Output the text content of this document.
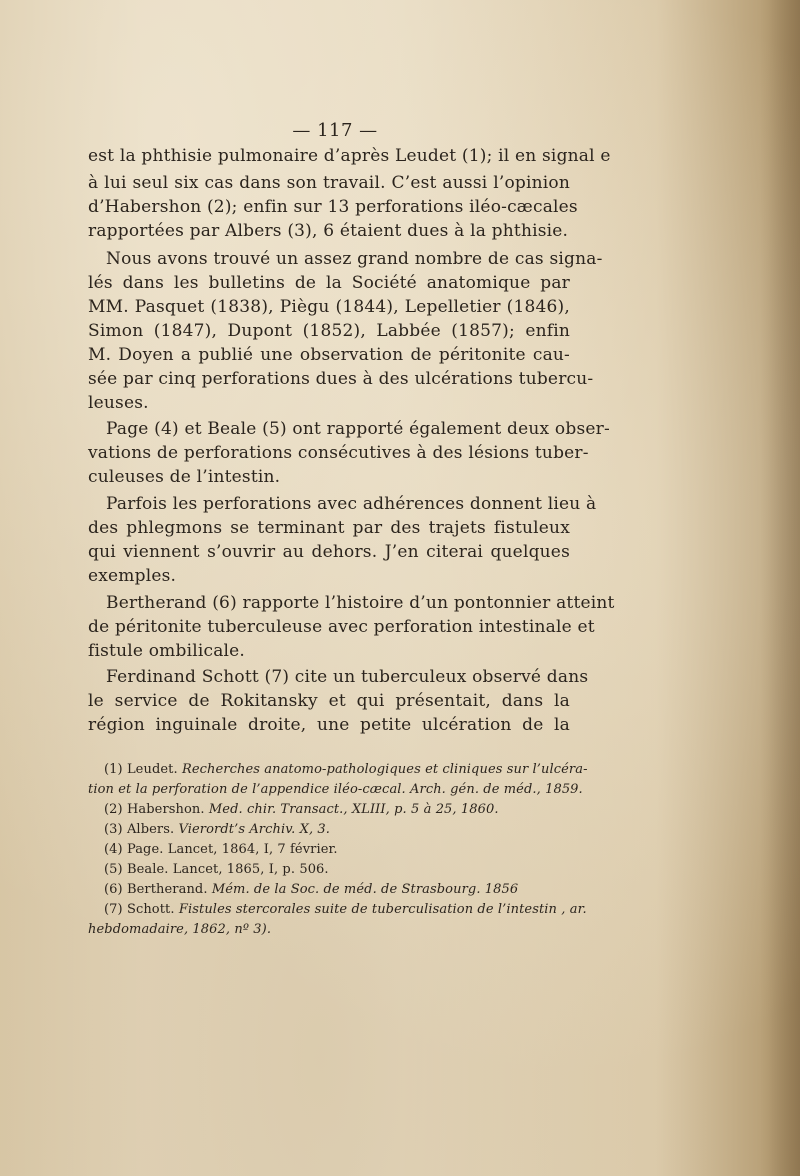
— 117 —
est la phthisie pulmonaire d’après Leudet (1); il en signal e
à lui seul six cas dans son travail. C’est aussi l’opinion
d’Habershon (2); enfin sur 13 perforations iléo-cæcales
rapportées par Albers (3), 6 étaient dues à la phthisie.
Nous avons trouvé un assez grand nombre de cas signa-
lés dans les bulletins de la Société anatomique par
MM. Pasquet (1838), Piègu (1844), Lepelletier (1846),
Simon (1847), Dupont (1852), Labbée (1857); enfin
M. Doyen a publié une observation de péritonite cau-
sée par cinq perforations dues à des ulcérations tubercu-
leuses.
Page (4) et Beale (5) ont rapporté également deux obser-
vations de perforations consécutives à des lésions tuber-
culeuses de l’intestin.
Parfois les perforations avec adhérences donnent lieu à
des phlegmons se terminant par des trajets fistuleux
qui viennent s’ouvrir au dehors. J’en citerai quelques
exemples.
Bertherand (6) rapporte l’histoire d’un pontonnier atteint
de péritonite tuberculeuse avec perforation intestinale et
fistule ombilicale.
Ferdinand Schott (7) cite un tuberculeux observé dans
le service de Rokitansky et qui présentait, dans la
région inguinale droite, une petite ulcération de la
(1) Leudet. Recherches anatomo-pathologiques et cliniques sur l’ulcéra-
tion et la perforation de l’appendice iléo-cæcal. Arch. gén. de méd., 1859.
(2) Habershon. Med. chir. Transact., XLIII, p. 5 à 25, 1860.
(3) Albers. Vierordt’s Archiv. X, 3.
(4) Page. Lancet, 1864, I, 7 février.
(5) Beale. Lancet, 1865, I, p. 506.
(6) Bertherand. Mém. de la Soc. de méd. de Strasbourg. 1856
(7) Schott. Fistules stercorales suite de tuberculisation de l’intestin , ar.
hebdomadaire, 1862, nº 3).
